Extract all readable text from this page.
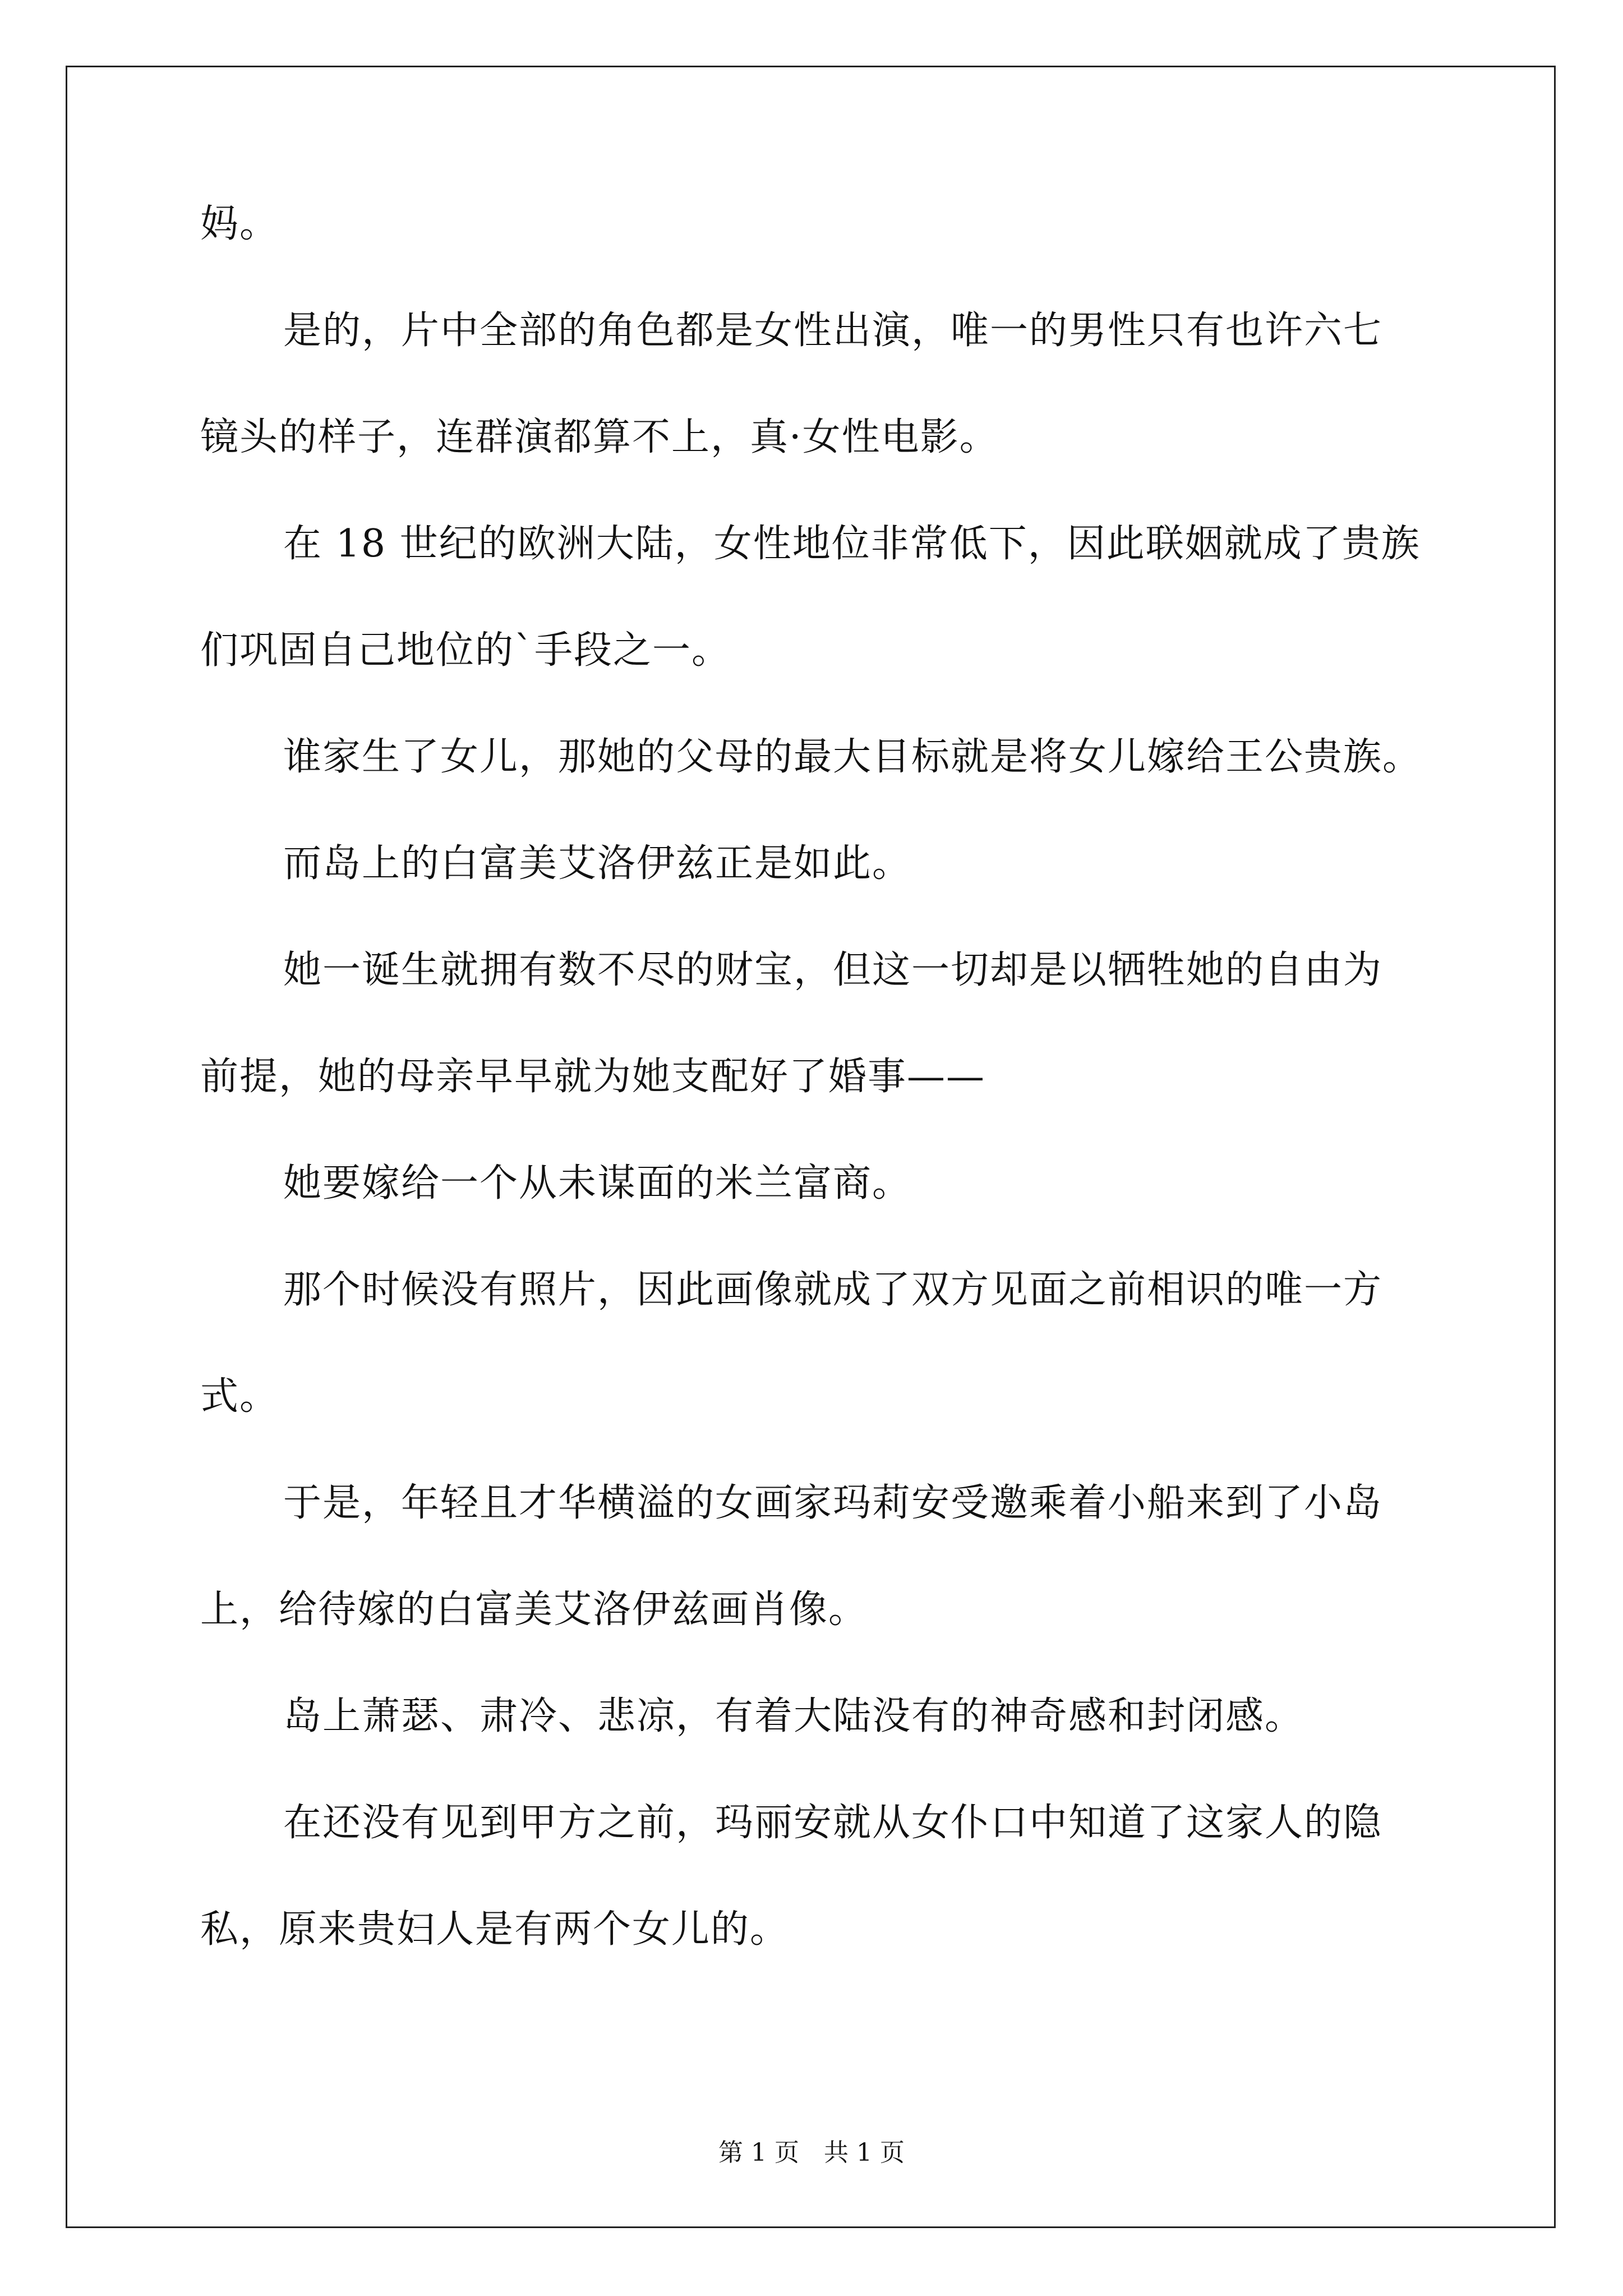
妈。
是的，片中全部的角色都是女性出演，唯一的男性只有也许六七
镜头的样子，连群演都算不上，真·女性电影。
在 18 世纪的欧洲大陆，女性地位非常低下，因此联姻就成了贵族
们巩固自己地位的`手段之一。
谁家生了女儿，那她的父母的最大目标就是将女儿嫁给王公贵族。
而岛上的白富美艾洛伊兹正是如此。
她一诞生就拥有数不尽的财宝，但这一切却是以牺牲她的自由为
前提，她的母亲早早就为她支配好了婚事——
她要嫁给一个从未谋面的米兰富商。
那个时候没有照片，因此画像就成了双方见面之前相识的唯一方
式。
于是，年轻且才华横溢的女画家玛莉安受邀乘着小船来到了小岛
上，给待嫁的白富美艾洛伊兹画肖像。
岛上萧瑟、肃冷、悲凉，有着大陆没有的神奇感和封闭感。
在还没有见到甲方之前，玛丽安就从女仆口中知道了这家人的隐
私，原来贵妇人是有两个女儿的。
第 1 页　共 1 页
